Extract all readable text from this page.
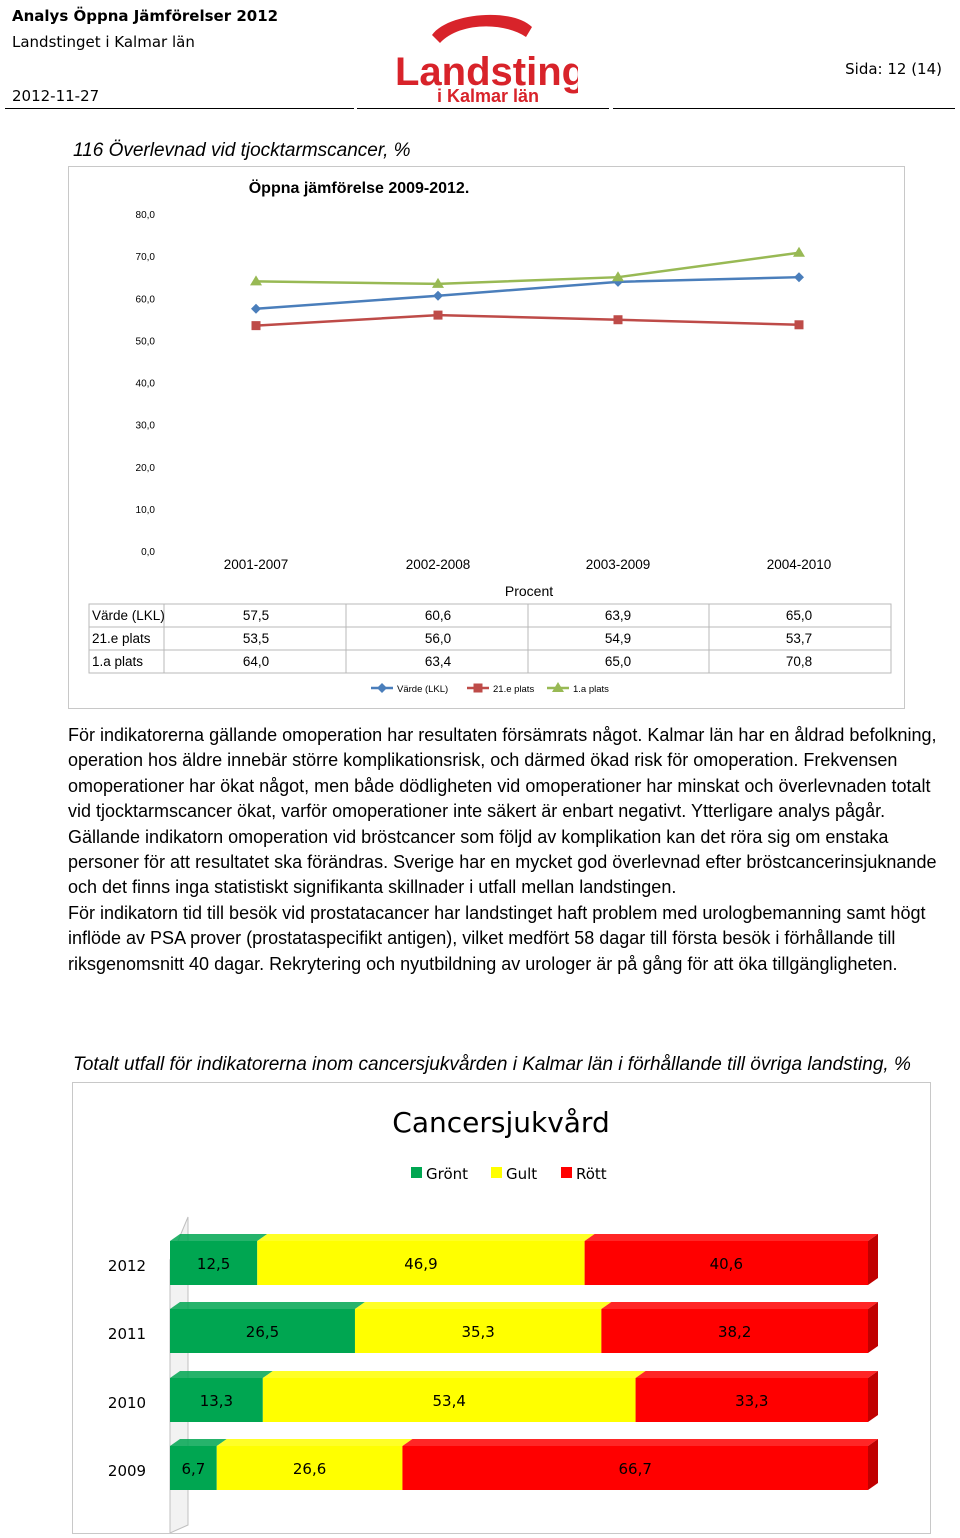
Analys Öppna Jämförelser 2012
Landstinget i Kalmar län
2012-11-27
Sida: 12 (14)
Landsting
i Kalmar län
116 Överlevnad vid tjocktarmscancer, %
Öppna jämförelse 2009-2012.
80,0
70,0
60,0
50,0
40,0
30,0
20,0
10,0
0,0
2001-2007	2002-2008	2003-2009	2004-2010
Procent
Värde (LKL)	57,5	60,6	63,9	65,0
21.e plats	53,5	56,0	54,9	53,7
1.a plats	64,0	63,4	65,0	70,8
Värde (LKL)	21.e plats	1.a plats

För indikatorerna gällande omoperation har resultaten försämrats något. Kalmar län har en åldrad befolkning, operation hos äldre innebär större komplikationsrisk, och därmed ökad risk för omoperation. Frekvensen omoperationer har ökat något, men både dödligheten vid omoperationer har minskat och överlevnaden totalt vid tjocktarmscancer ökat, varför omoperationer inte säkert är enbart negativt. Ytterligare analys pågår.

Gällande indikatorn omoperation vid bröstcancer som följd av komplikation kan det röra sig om enstaka personer för att resultatet ska förändras. Sverige har en mycket god överlevnad efter bröstcancerinsjuknande och det finns inga statistiskt signifikanta skillnader i utfall mellan landstingen.

För indikatorn tid till besök vid prostatacancer har landstinget haft problem med urologbemanning samt högt inflöde av PSA prover (prostataspecifikt antigen), vilket medfört 58 dagar till första besök i förhållande till riksgenomsnitt 40 dagar. Rekrytering och nyutbildning av urologer är på gång för att öka tillgängligheten.

Totalt utfall för indikatorerna inom cancersjukvården i Kalmar län i förhållande till övriga landsting, %
Cancersjukvård
Grönt	Gult	Rött
2012	12,5	46,9	40,6
2011	26,5	35,3	38,2
2010	13,3	53,4	33,3
2009 6,7	26,6	66,7
